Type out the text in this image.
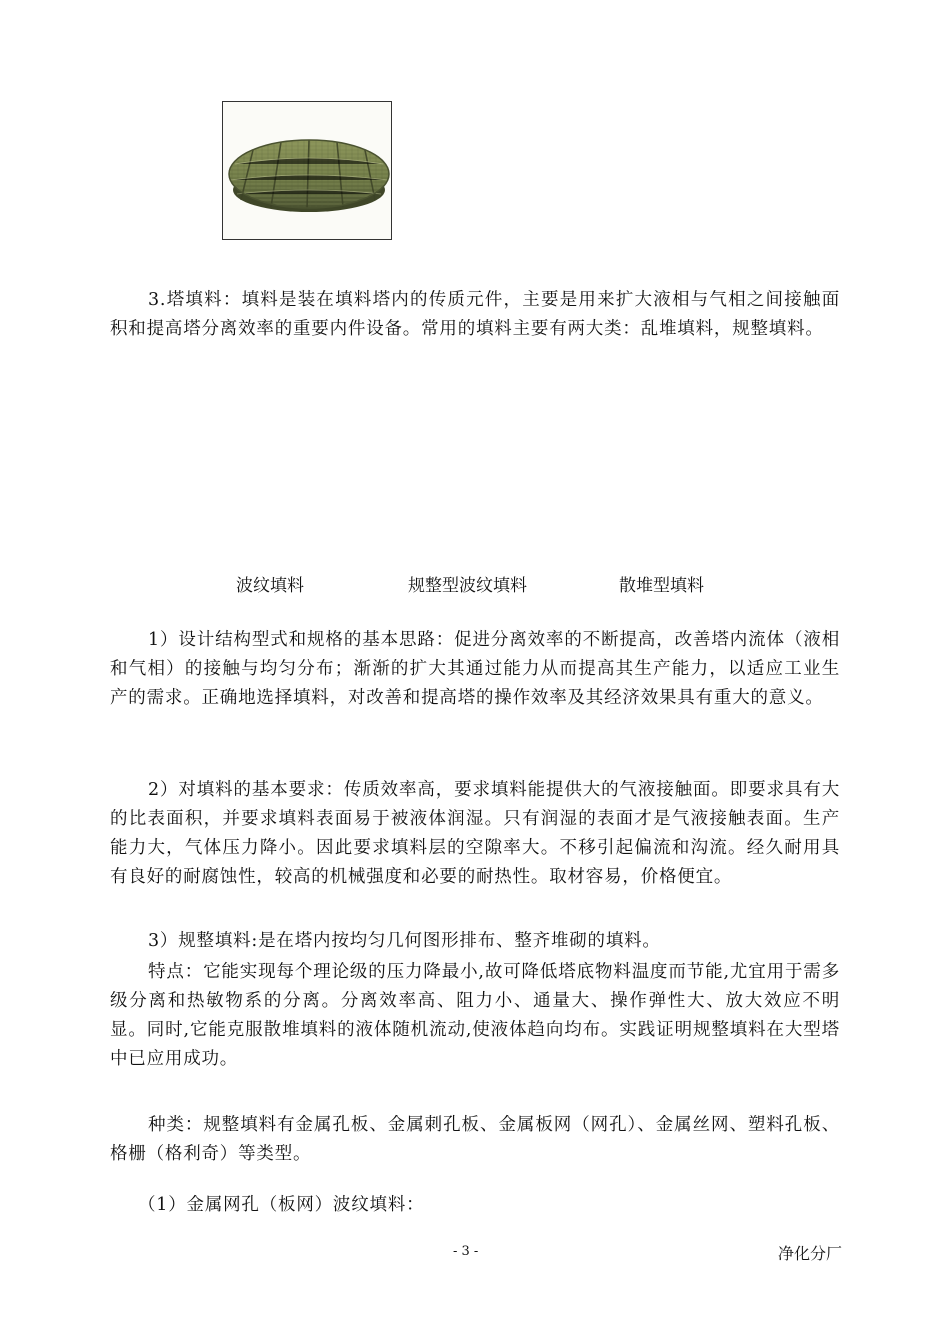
3.塔填料：填料是装在填料塔内的传质元件，主要是用来扩大液相与气相之间接触面积和提高塔分离效率的重要内件设备。常用的填料主要有两大类：乱堆填料，规整填料。

波纹填料	规整型波纹填料	散堆型填料

1）设计结构型式和规格的基本思路：促进分离效率的不断提高，改善塔内流体（液相和气相）的接触与均匀分布；渐渐的扩大其通过能力从而提高其生产能力，以适应工业生产的需求。正确地选择填料，对改善和提高塔的操作效率及其经济效果具有重大的意义。

2）对填料的基本要求：传质效率高，要求填料能提供大的气液接触面。即要求具有大的比表面积，并要求填料表面易于被液体润湿。只有润湿的表面才是气液接触表面。生产能力大，气体压力降小。因此要求填料层的空隙率大。不移引起偏流和沟流。经久耐用具有良好的耐腐蚀性，较高的机械强度和必要的耐热性。取材容易，价格便宜。

3）规整填料:是在塔内按均匀几何图形排布、整齐堆砌的填料。

特点：它能实现每个理论级的压力降最小,故可降低塔底物料温度而节能,尤宜用于需多级分离和热敏物系的分离。分离效率高、阻力小、通量大、操作弹性大、放大效应不明显。同时,它能克服散堆填料的液体随机流动,使液体趋向均布。实践证明规整填料在大型塔中已应用成功。

种类：规整填料有金属孔板、金属刺孔板、金属板网（网孔）、金属丝网、塑料孔板、格栅（格利奇）等类型。

（1）金属网孔（板网）波纹填料：

- 3 -	净化分厂
